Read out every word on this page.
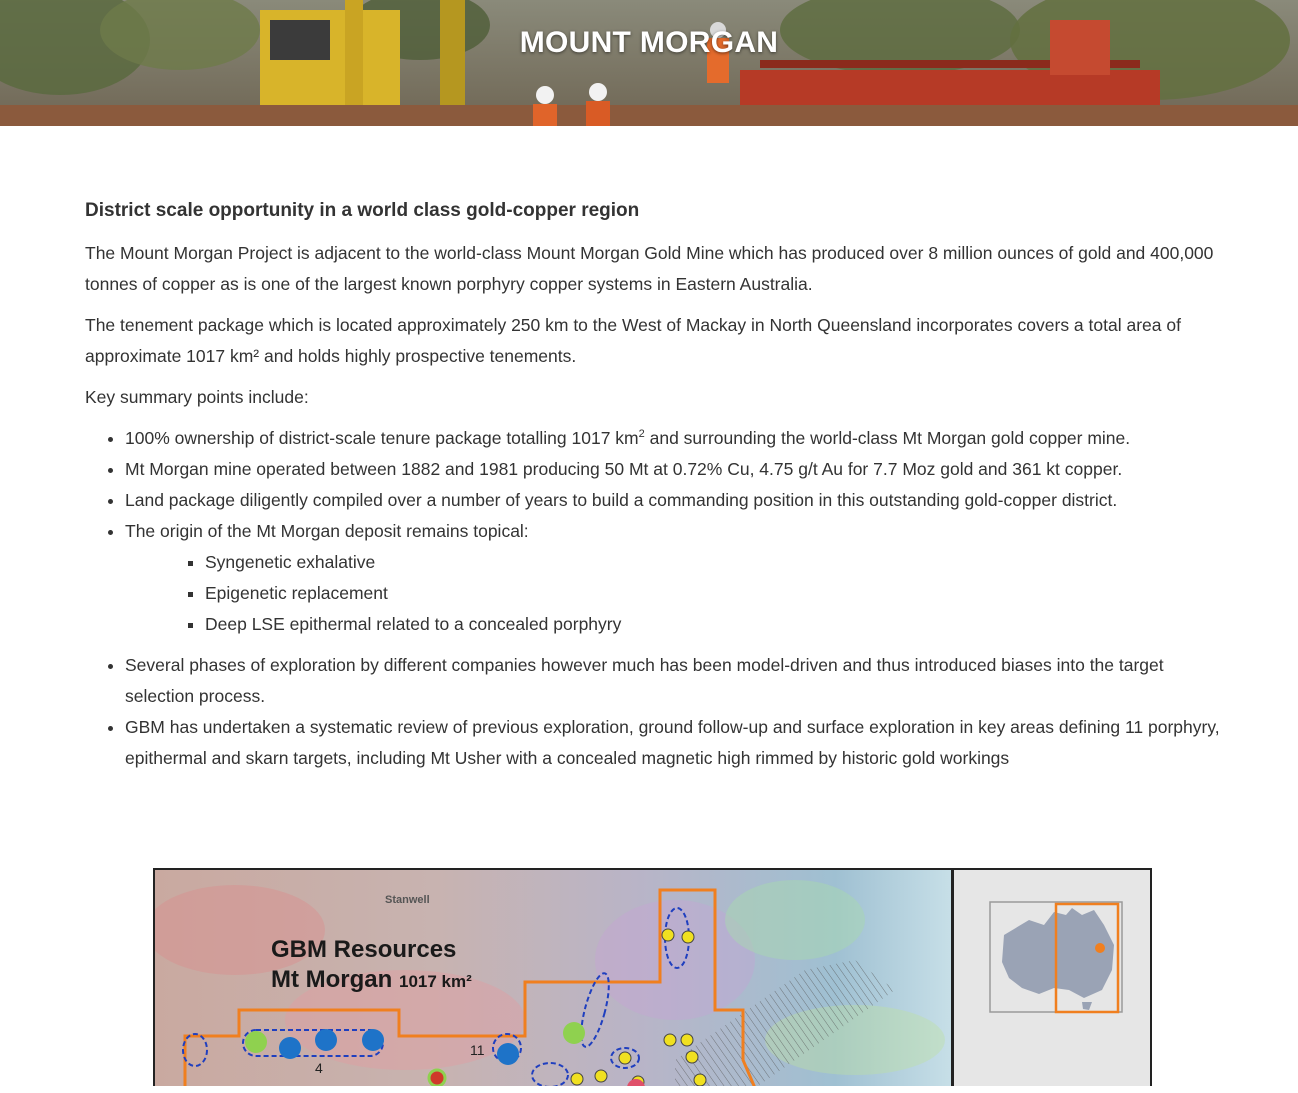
MOUNT MORGAN
District scale opportunity in a world class gold-copper region

The Mount Morgan Project is adjacent to the world-class Mount Morgan Gold Mine which has produced over 8 million ounces of gold and 400,000 tonnes of copper as is one of the largest known porphyry copper systems in Eastern Australia.

The tenement package which is located approximately 250 km to the West of Mackay in North Queensland incorporates covers a total area of approximate 1017 km² and holds highly prospective tenements.

Key summary points include:

• 100% ownership of district-scale tenure package totalling 1017 $km^2$ and surrounding the world-class Mt Morgan gold copper mine.
• Mt Morgan mine operated between 1882 and 1981 producing 50 Mt at 0.72% Cu, 4.75 g/t Au for 7.7 Moz gold and 361 kt copper.
• Land package diligently compiled over a number of years to build a commanding position in this outstanding gold-copper district.
• The origin of the Mt Morgan deposit remains topical:
▪ Syngenetic exhalative
▪ Epigenetic replacement
▪ Deep LSE epithermal related to a concealed porphyry
• Several phases of exploration by different companies however much has been model-driven and thus introduced biases into the target selection process.
• GBM has undertaken a systematic review of previous exploration, ground follow-up and surface exploration in key areas defining 11 porphyry, epithermal and skarn targets, including Mt Usher with a concealed magnetic high rimmed by historic gold workings
Stanwell
GBM Resources
Mt Morgan 1017 km²
11
4
